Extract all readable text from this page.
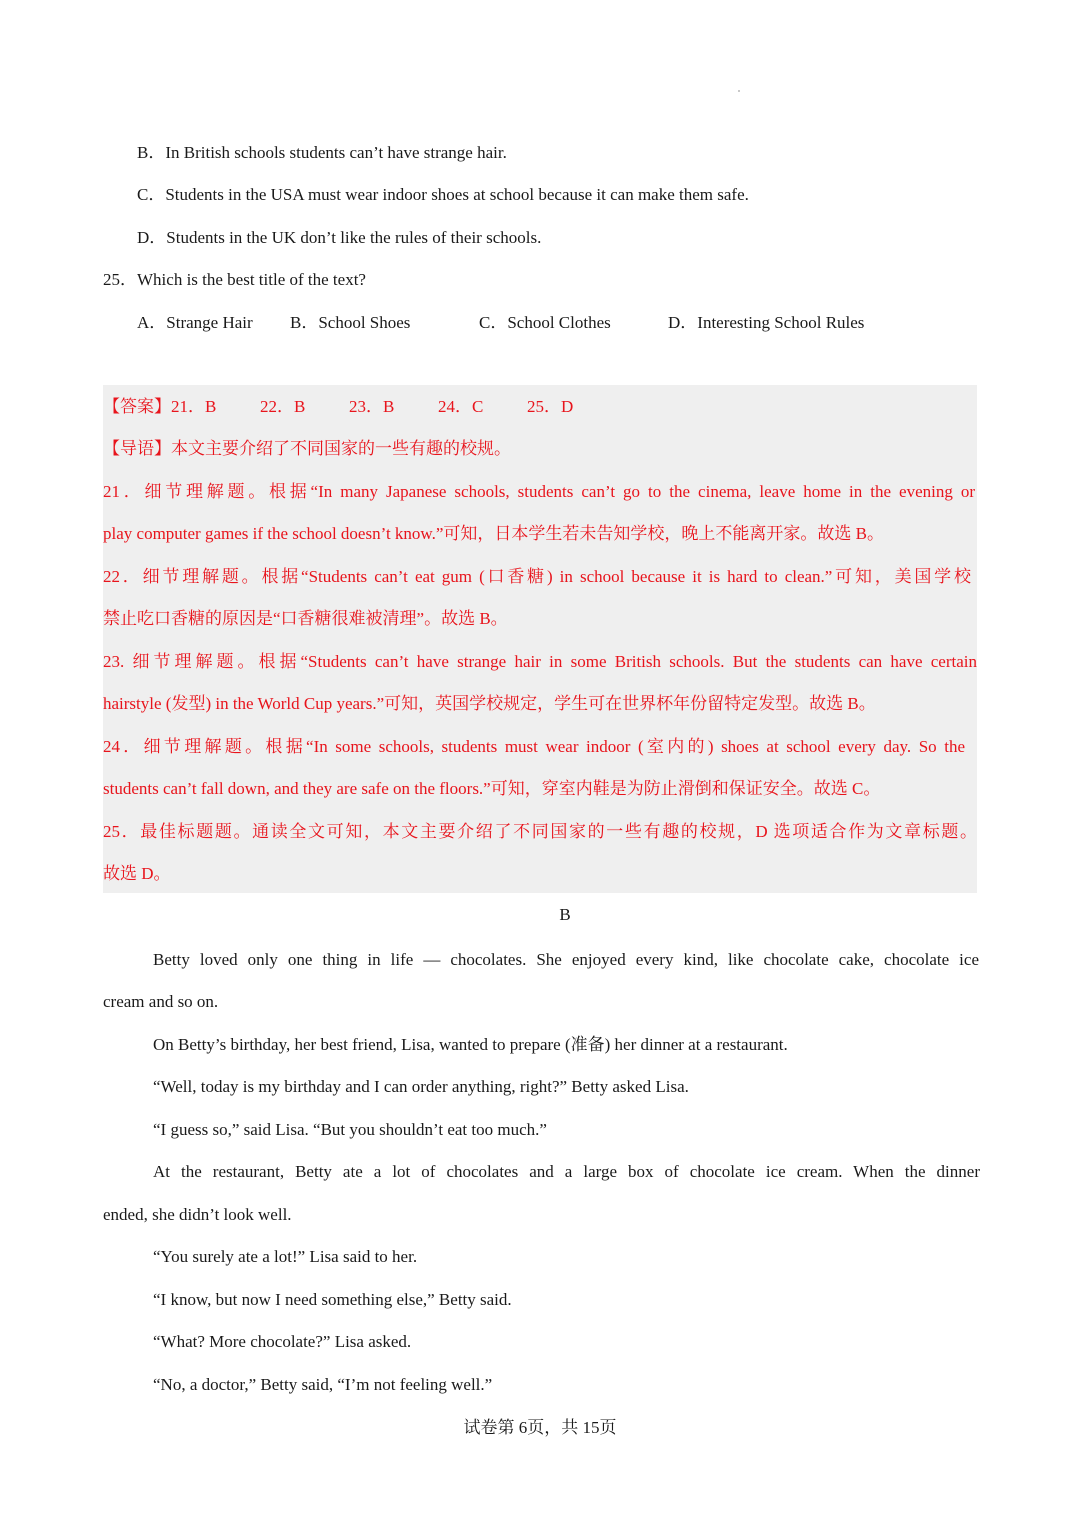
B．In British schools students can’t have strange hair.
C．Students in the USA must wear indoor shoes at school because it can make them safe.
D．Students in the UK don’t like the rules of their schools.
25．Which is the best title of the text?
A．Strange Hair B．School Shoes	C．School Clothes	D．Interesting School Rules
【答案】21．B	22．B	23．B	24．C	25．D
【导语】本文主要介绍了不同国家的一些有趣的校规。
21．细节理解题。根据“In many Japanese schools, students can’t go to the cinema, leave home in the evening or
play computer games if the school doesn’t know.”可知，日本学生若未告知学校，晚上不能离开家。故选 B。
22．细节理解题。根据“Students can’t eat gum (口香糖) in school because it is hard to clean.”可知，美国学校
禁止吃口香糖的原因是“口香糖很难被清理”。故选 B。
23. 细节理解题。根据“Students can’t have strange hair in some British schools. But the students can have certain
hairstyle (发型) in the World Cup years.”可知，英国学校规定，学生可在世界杯年份留特定发型。故选 B。
24．细节理解题。根据“In some schools, students must wear indoor (室内的) shoes at school every day. So the
students can’t fall down, and they are safe on the floors.”可知，穿室内鞋是为防止滑倒和保证安全。故选 C。
25．最佳标题题。通读全文可知，本文主要介绍了不同国家的一些有趣的校规，D 选项适合作为文章标题。
故选 D。
B
Betty loved only one thing in life — chocolates. She enjoyed every kind, like chocolate cake, chocolate ice
cream and so on.
On Betty’s birthday, her best friend, Lisa, wanted to prepare (准备) her dinner at a restaurant.
“Well, today is my birthday and I can order anything, right?” Betty asked Lisa.
“I guess so,” said Lisa. “But you shouldn’t eat too much.”
At the restaurant, Betty ate a lot of chocolates and a large box of chocolate ice cream. When the dinner
ended, she didn’t look well.
“You surely ate a lot!” Lisa said to her.
“I know, but now I need something else,” Betty said.
“What? More chocolate?” Lisa asked.
“No, a doctor,” Betty said, “I’m not feeling well.”
试卷第 6页，共 15页
